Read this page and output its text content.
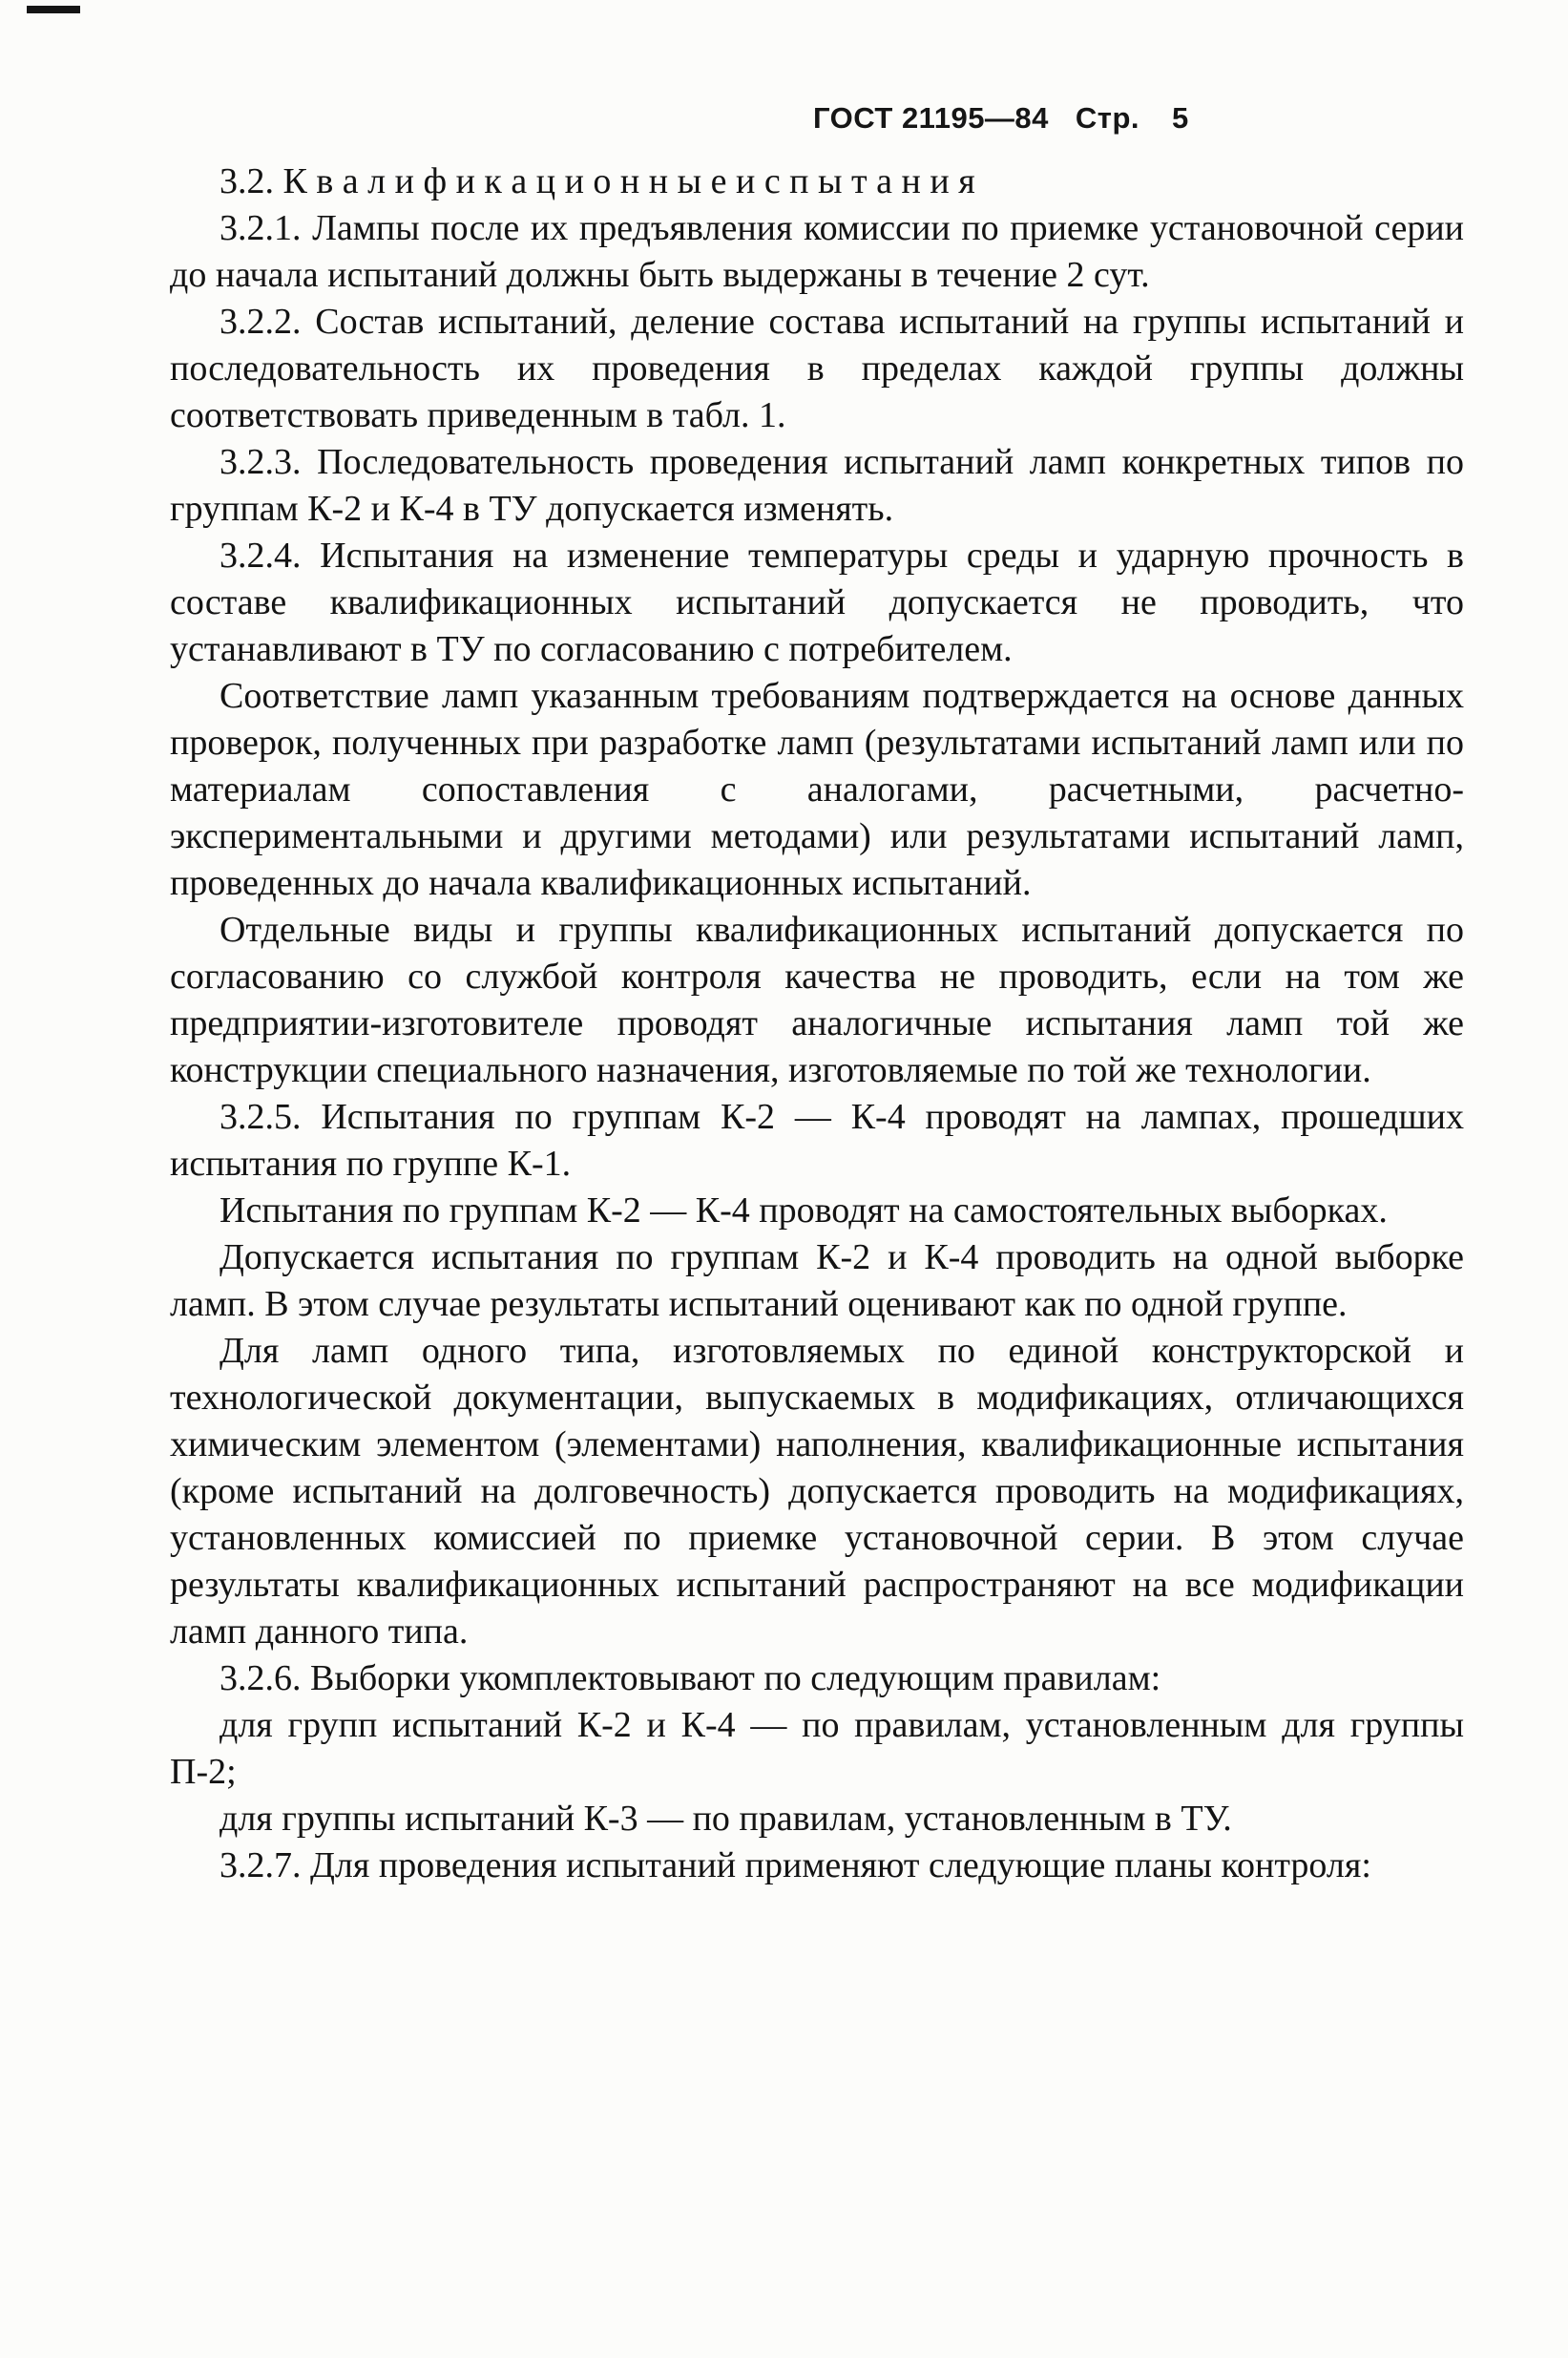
ГОСТ 21195—84 Стр. 5

3.2. К в а л и ф и к а ц и о н н ы е и с п ы т а н и я

3.2.1. Лампы после их предъявления комиссии по приемке установочной серии до начала испытаний должны быть выдержаны в течение 2 сут.

3.2.2. Состав испытаний, деление состава испытаний на группы испытаний и последовательность их проведения в пределах каждой группы должны соответствовать приведенным в табл. 1.

3.2.3. Последовательность проведения испытаний ламп конкретных типов по группам К-2 и К-4 в ТУ допускается изменять.

3.2.4. Испытания на изменение температуры среды и ударную прочность в составе квалификационных испытаний допускается не проводить, что устанавливают в ТУ по согласованию с потребителем.

Соответствие ламп указанным требованиям подтверждается на основе данных проверок, полученных при разработке ламп (результатами испытаний ламп или по материалам сопоставления с аналогами, расчетными, расчетно-экспериментальными и другими методами) или результатами испытаний ламп, проведенных до начала квалификационных испытаний.

Отдельные виды и группы квалификационных испытаний допускается по согласованию со службой контроля качества не проводить, если на том же предприятии-изготовителе проводят аналогичные испытания ламп той же конструкции специального назначения, изготовляемые по той же технологии.

3.2.5. Испытания по группам К-2 — К-4 проводят на лампах, прошедших испытания по группе К-1.

Испытания по группам К-2 — К-4 проводят на самостоятельных выборках.

Допускается испытания по группам К-2 и К-4 проводить на одной выборке ламп. В этом случае результаты испытаний оценивают как по одной группе.

Для ламп одного типа, изготовляемых по единой конструкторской и технологической документации, выпускаемых в модификациях, отличающихся химическим элементом (элементами) наполнения, квалификационные испытания (кроме испытаний на долговечность) допускается проводить на модификациях, установленных комиссией по приемке установочной серии. В этом случае результаты квалификационных испытаний распространяют на все модификации ламп данного типа.

3.2.6. Выборки укомплектовывают по следующим правилам:

для групп испытаний К-2 и К-4 — по правилам, установленным для группы П-2;

для группы испытаний К-3 — по правилам, установленным в ТУ.

3.2.7. Для проведения испытаний применяют следующие планы контроля:
